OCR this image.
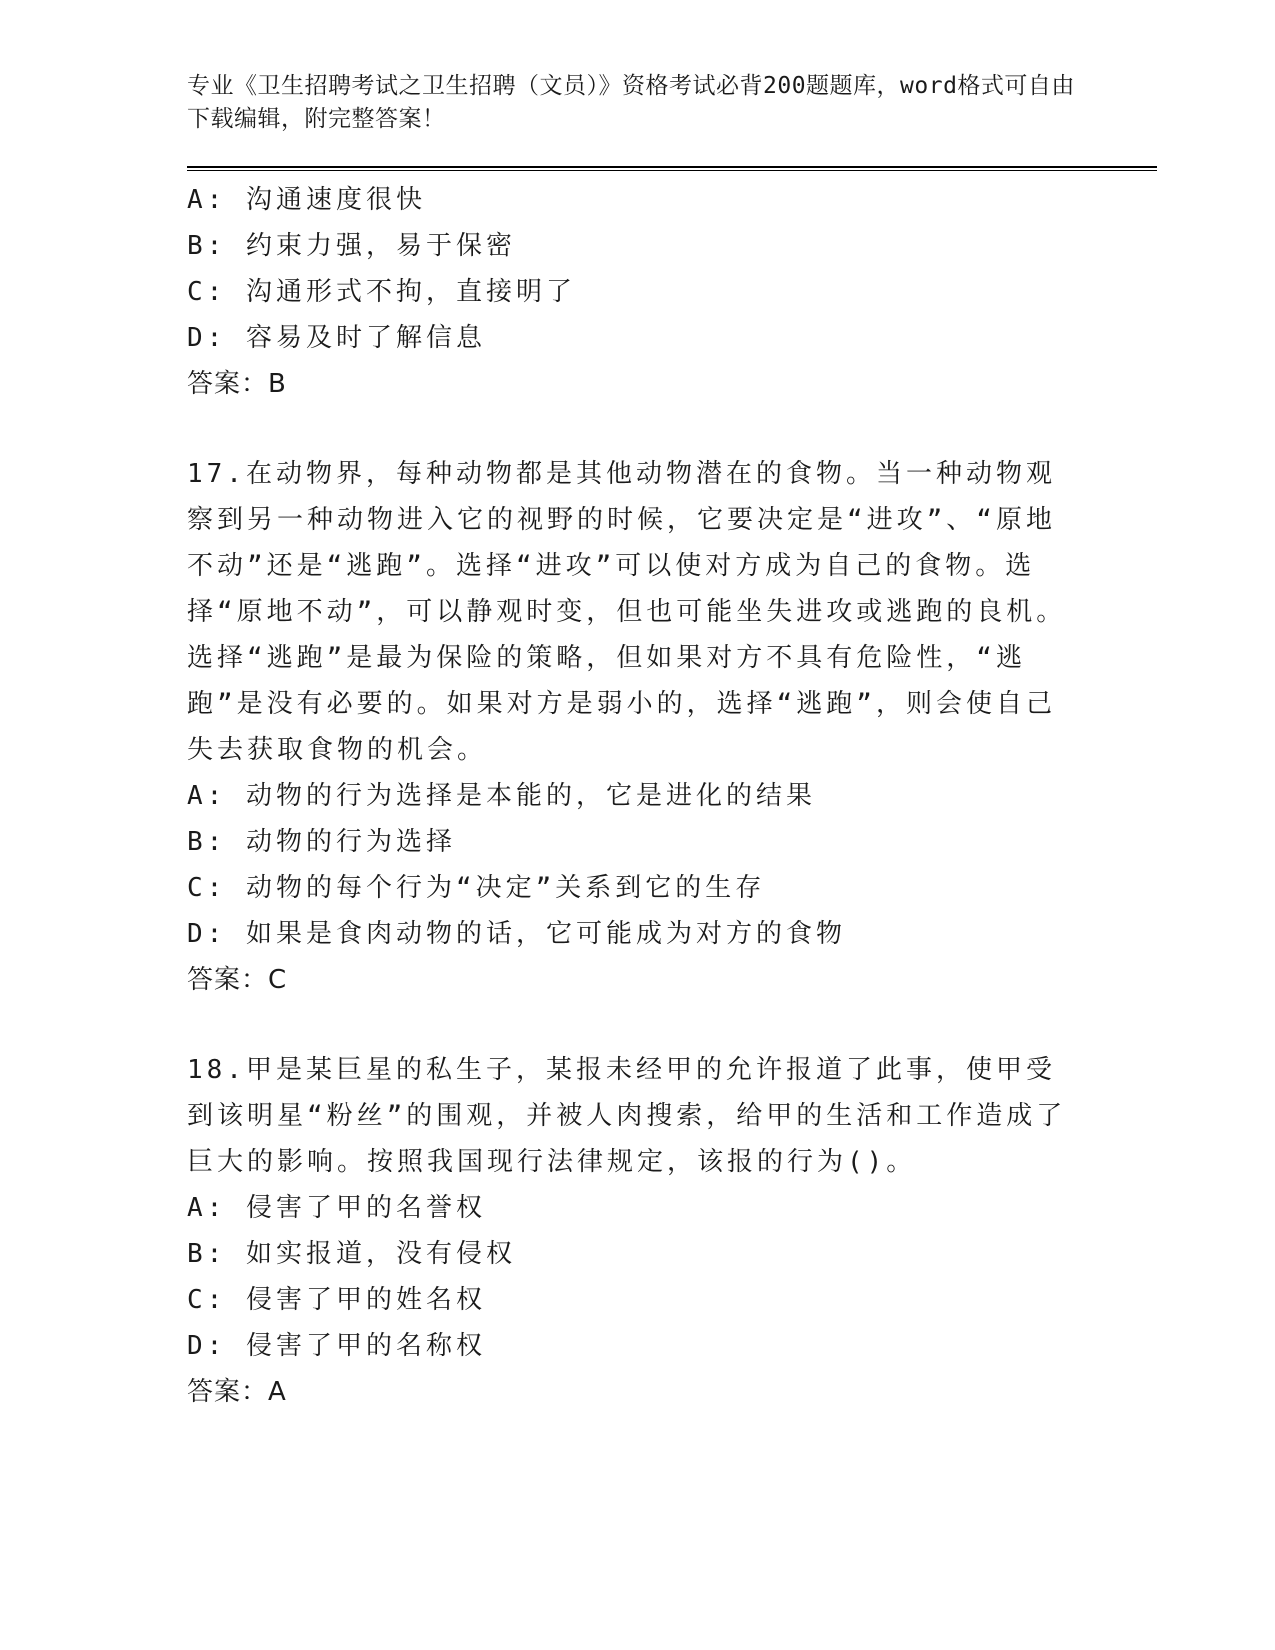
专业《卫生招聘考试之卫生招聘（文员）》资格考试必背200题题库，word格式可自由下载编辑，附完整答案！
A: 沟通速度很快
B: 约束力强，易于保密
C: 沟通形式不拘，直接明了
D: 容易及时了解信息
答案：B
17.在动物界，每种动物都是其他动物潜在的食物。当一种动物观察到另一种动物进入它的视野的时候，它要决定是“进攻”、“原地不动”还是“逃跑”。选择“进攻”可以使对方成为自己的食物。选择“原地不动”，可以静观时变，但也可能坐失进攻或逃跑的良机。选择“逃跑”是最为保险的策略，但如果对方不具有危险性，“逃跑”是没有必要的。如果对方是弱小的，选择“逃跑”，则会使自己失去获取食物的机会。
A: 动物的行为选择是本能的，它是进化的结果
B: 动物的行为选择
C: 动物的每个行为“决定”关系到它的生存
D: 如果是食肉动物的话，它可能成为对方的食物
答案：C
18.甲是某巨星的私生子，某报未经甲的允许报道了此事，使甲受到该明星“粉丝”的围观，并被人肉搜索，给甲的生活和工作造成了巨大的影响。按照我国现行法律规定，该报的行为()。
A: 侵害了甲的名誉权
B: 如实报道，没有侵权
C: 侵害了甲的姓名权
D: 侵害了甲的名称权
答案：A
